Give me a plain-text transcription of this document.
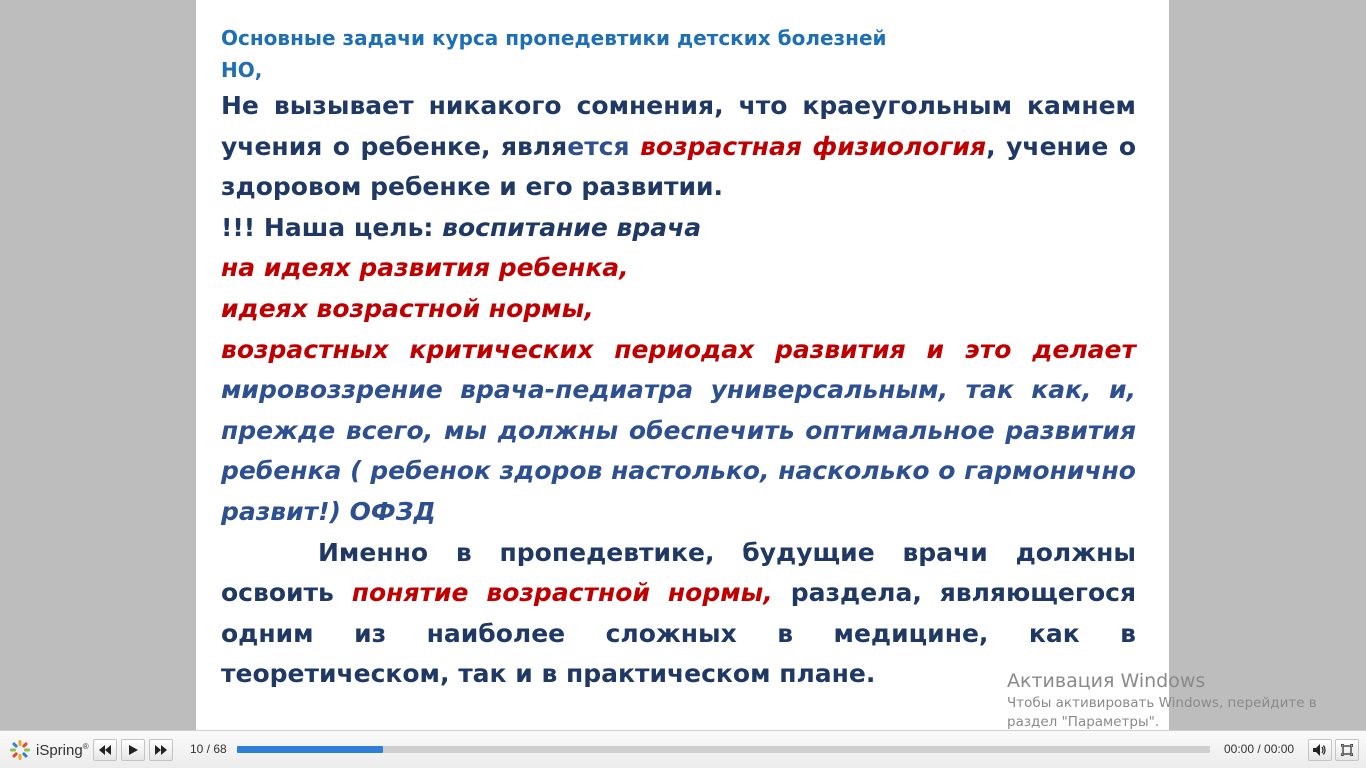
Основные задачи курса пропедевтики детских болезней
НО,

Не вызывает никакого сомнения, что краеугольным камнем учения о ребенке, является возрастная физиология, учение о здоровом ребенке и его развитии.

!!! Наша цель: воспитание врача

на идеях развития ребенка,

идеях возрастной нормы,

возрастных критических периодах развития и это делает

мировоззрение врача-педиатра универсальным, так как, и, прежде всего, мы должны обеспечить оптимальное развития ребенка ( ребенок здоров настолько, насколько о гармонично развит!) ОФЗД

Именно в пропедевтике, будущие врачи должны освоить понятие возрастной нормы, раздела, являющегося одним из наиболее сложных в медицине, как в теоретическом, так и в практическом плане.	Активация Windows
Чтобы активировать Windows, перейдите в
раздел "Параметры".
iSpring®	10 / 68	00:00 / 00:00
